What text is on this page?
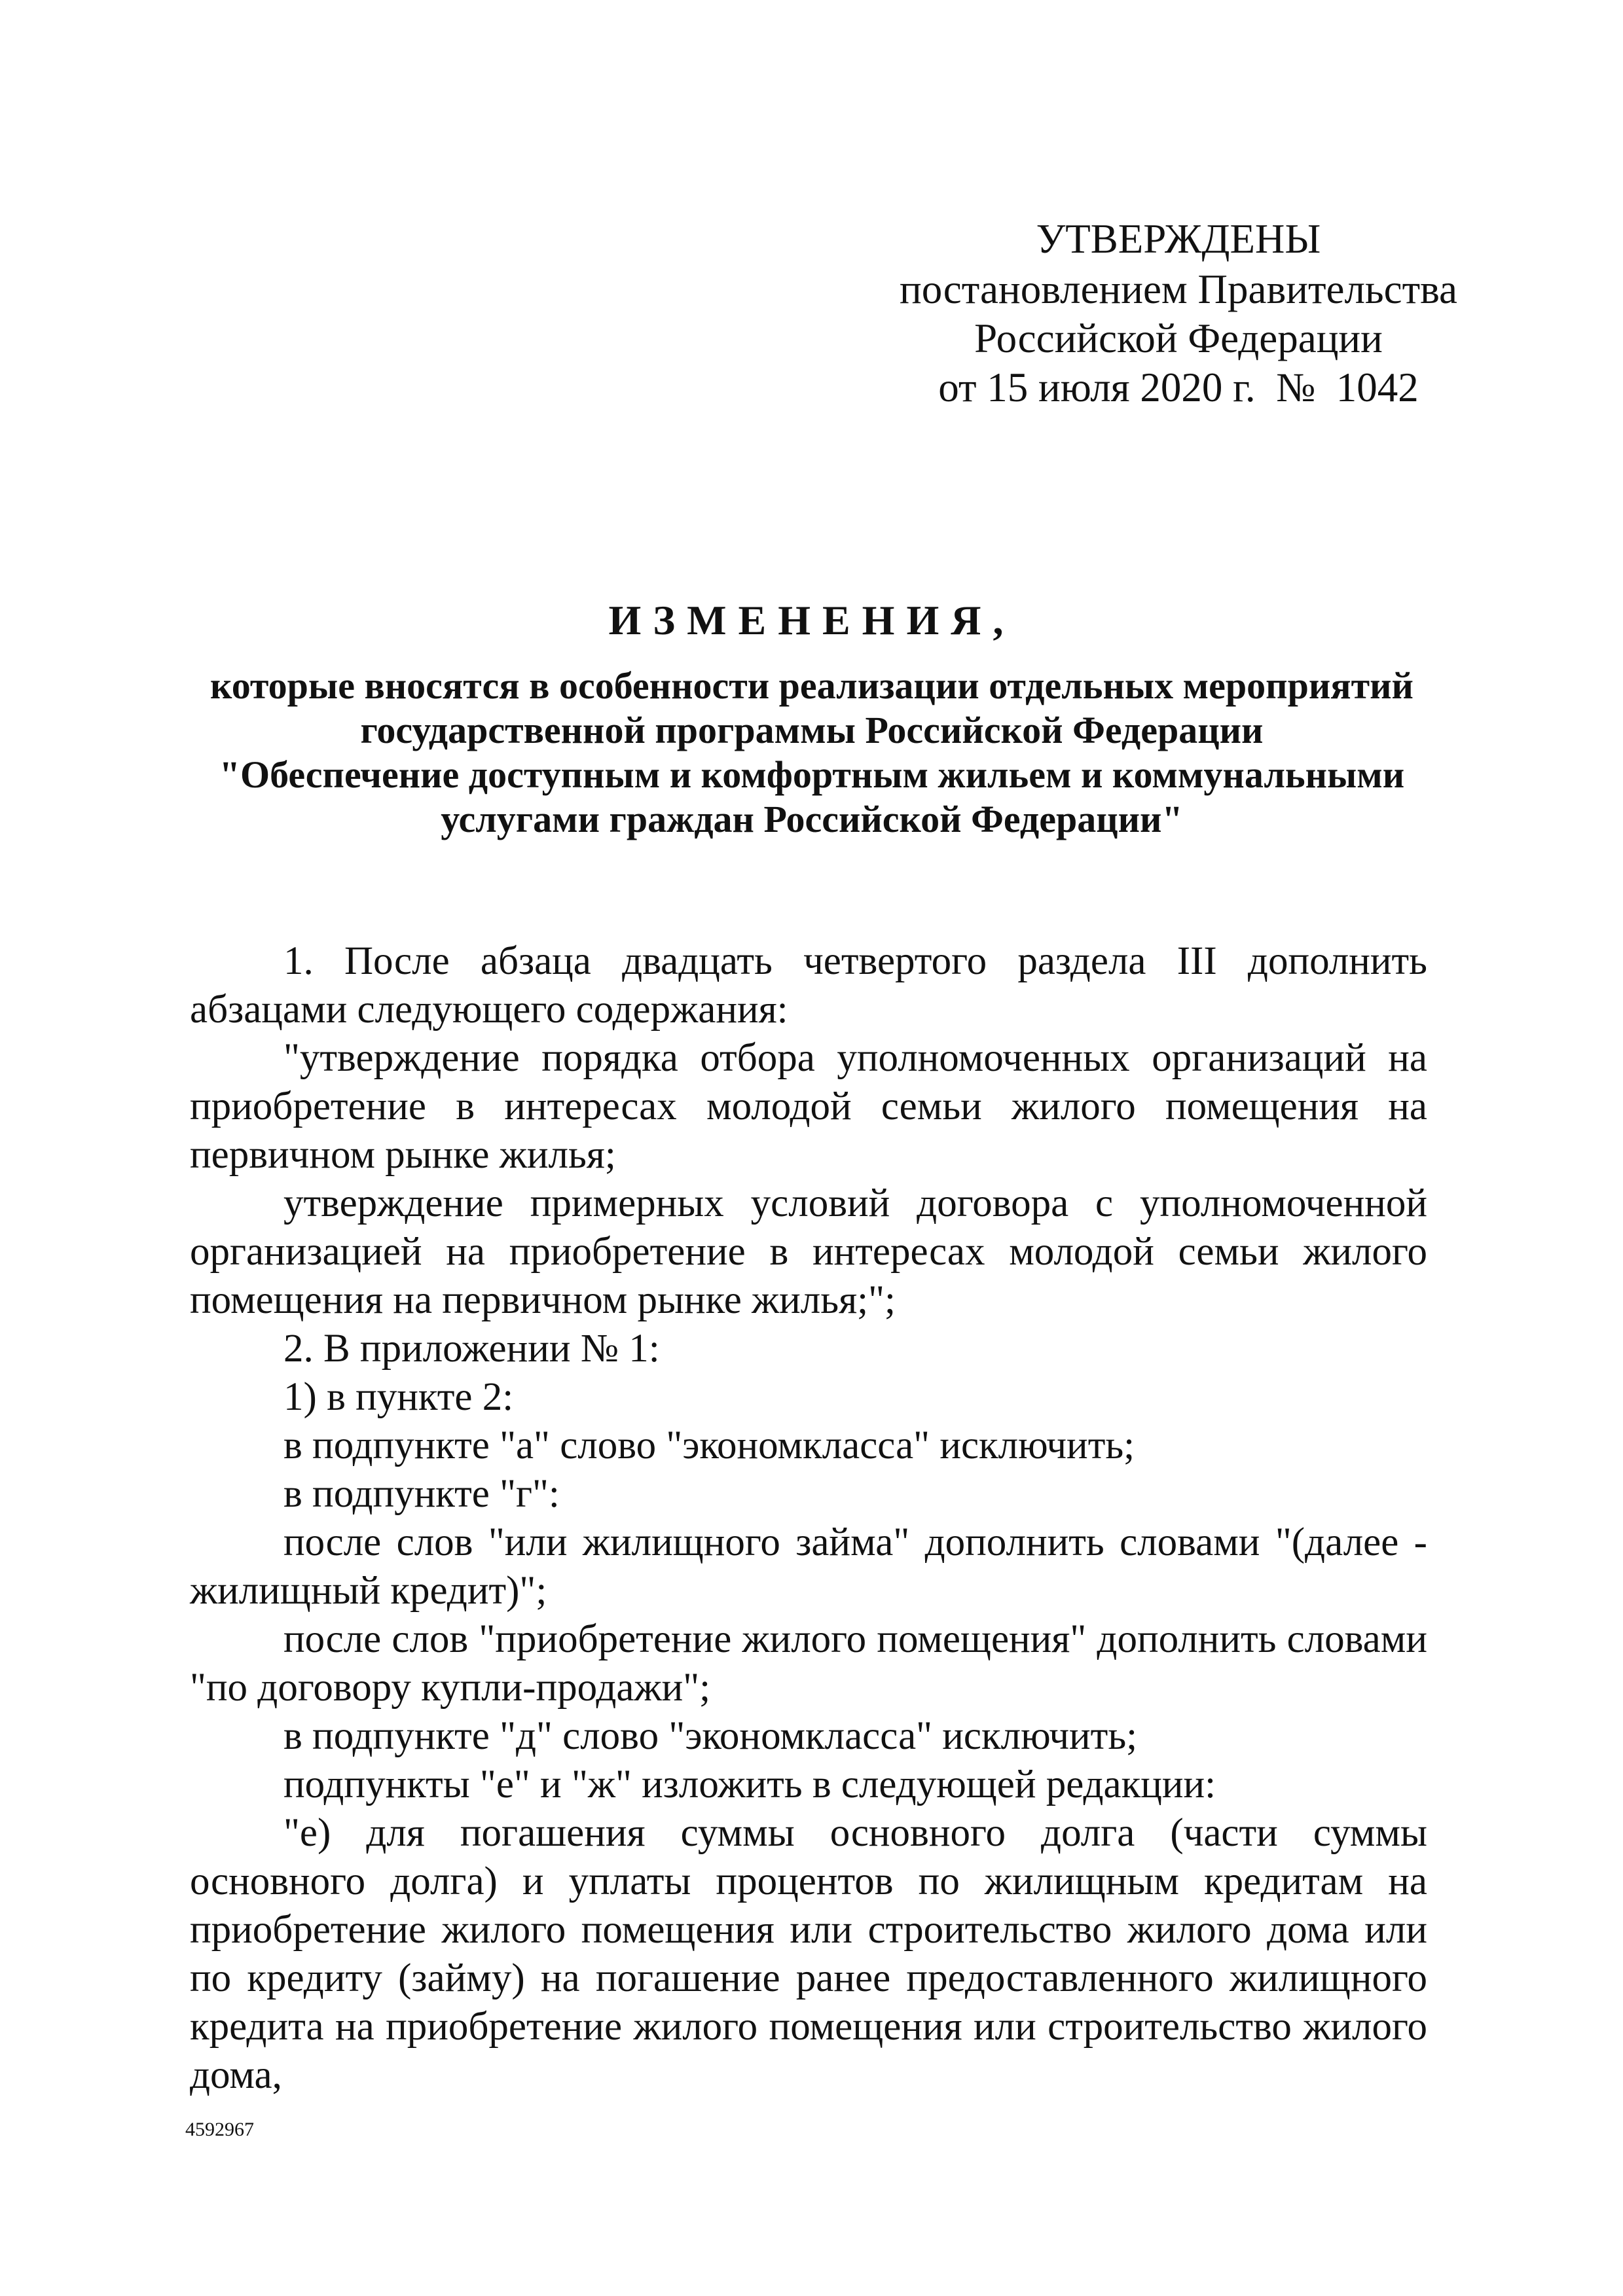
УТВЕРЖДЕНЫ
постановлением Правительства
Российской Федерации
от 15 июля 2020 г.  №  1042
ИЗМЕНЕНИЯ,
которые вносятся в особенности реализации отдельных мероприятий
государственной программы Российской Федерации
"Обеспечение доступным и комфортным жильем и коммунальными
услугами граждан Российской Федерации"

1. После абзаца двадцать четвертого раздела III дополнить абзацами следующего содержания:

"утверждение порядка отбора уполномоченных организаций на приобретение в интересах молодой семьи жилого помещения на первичном рынке жилья;

утверждение примерных условий договора с уполномоченной организацией на приобретение в интересах молодой семьи жилого помещения на первичном рынке жилья;";

2. В приложении № 1:

1) в пункте 2:

в подпункте "а" слово "экономкласса" исключить;

в подпункте "г":

после слов "или жилищного займа" дополнить словами "(далее - жилищный кредит)";

после слов "приобретение жилого помещения" дополнить словами "по договору купли-продажи";

в подпункте "д" слово "экономкласса" исключить;

подпункты "е" и "ж" изложить в следующей редакции:

"е) для погашения суммы основного долга (части суммы основного долга) и уплаты процентов по жилищным кредитам на приобретение жилого помещения или строительство жилого дома или по кредиту (займу) на погашение ранее предоставленного жилищного кредита на приобретение жилого помещения или строительство жилого дома,

4592967
